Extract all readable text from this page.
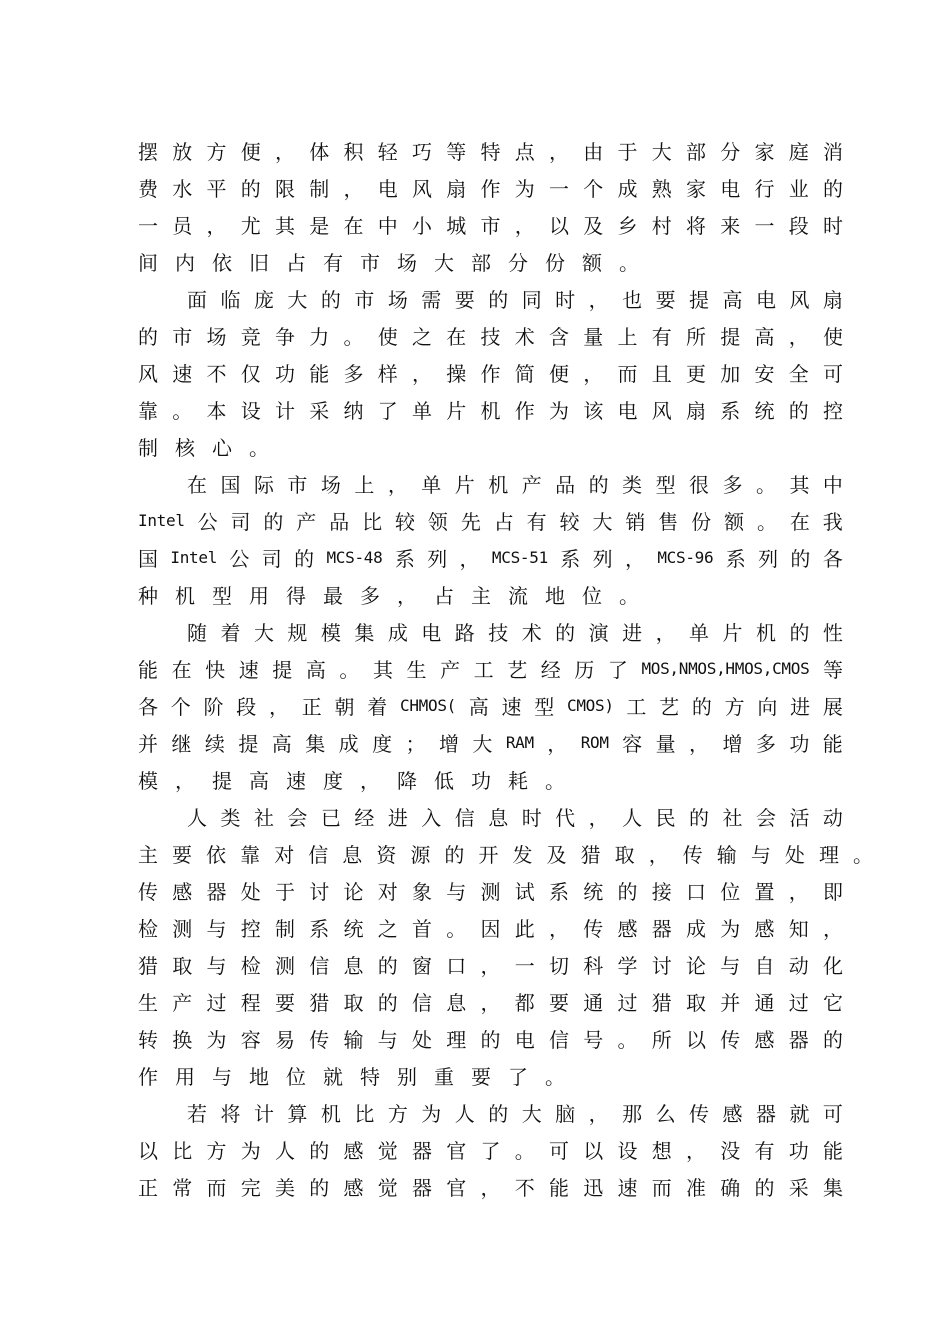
摆 放 方 便 ， 体 积 轻 巧 等 特 点 ， 由 于 大 部 分 家 庭 消
费 水 平 的 限 制 ， 电 风 扇 作 为 一 个 成 熟 家 电 行 业 的
一 员 ， 尤 其 是 在 中 小 城 市 ， 以 及 乡 村 将 来 一 段 时
间 内 依 旧 占 有 市 场 大 部 分 份 额 。
面 临 庞 大 的 市 场 需 要 的 同 时 ， 也 要 提 高 电 风 扇
的 市 场 竞 争 力 。 使 之 在 技 术 含 量 上 有 所 提 高 ， 使
风 速 不 仅 功 能 多 样 ， 操 作 简 便 ， 而 且 更 加 安 全 可
靠 。 本 设 计 采 纳 了 单 片 机 作 为 该 电 风 扇 系 统 的 控
制 核 心 。
在 国 际 市 场 上 ， 单 片 机 产 品 的 类 型 很 多 。 其 中
Intel 公 司 的 产 品 比 较 领 先 占 有 较 大 销 售 份 额 。 在 我
国 Intel 公 司 的 MCS-48 系 列 ， MCS-51 系 列 ， MCS-96 系 列 的 各
种 机 型 用 得 最 多 ， 占 主 流 地 位 。
随 着 大 规 模 集 成 电 路 技 术 的 演 进 ， 单 片 机 的 性
能 在 快 速 提 高 。 其 生 产 工 艺 经 历 了 MOS,NMOS,HMOS,CMOS 等
各 个 阶 段 ， 正 朝 着 CHMOS( 高 速 型 CMOS) 工 艺 的 方 向 进 展
并 继 续 提 高 集 成 度 ； 增 大 RAM ， ROM 容 量 ， 增 多 功 能
模 ， 提 高 速 度 ， 降 低 功 耗 。
人 类 社 会 已 经 进 入 信 息 时 代 ， 人 民 的 社 会 活 动
主 要 依 靠 对 信 息 资 源 的 开 发 及 猎 取 ， 传 输 与 处 理 。
传 感 器 处 于 讨 论 对 象 与 测 试 系 统 的 接 口 位 置 ， 即
检 测 与 控 制 系 统 之 首 。 因 此 ， 传 感 器 成 为 感 知 ，
猎 取 与 检 测 信 息 的 窗 口 ， 一 切 科 学 讨 论 与 自 动 化
生 产 过 程 要 猎 取 的 信 息 ， 都 要 通 过 猎 取 并 通 过 它
转 换 为 容 易 传 输 与 处 理 的 电 信 号 。 所 以 传 感 器 的
作 用 与 地 位 就 特 别 重 要 了 。
若 将 计 算 机 比 方 为 人 的 大 脑 ， 那 么 传 感 器 就 可
以 比 方 为 人 的 感 觉 器 官 了 。 可 以 设 想 ， 没 有 功 能
正 常 而 完 美 的 感 觉 器 官 ， 不 能 迅 速 而 准 确 的 采 集
